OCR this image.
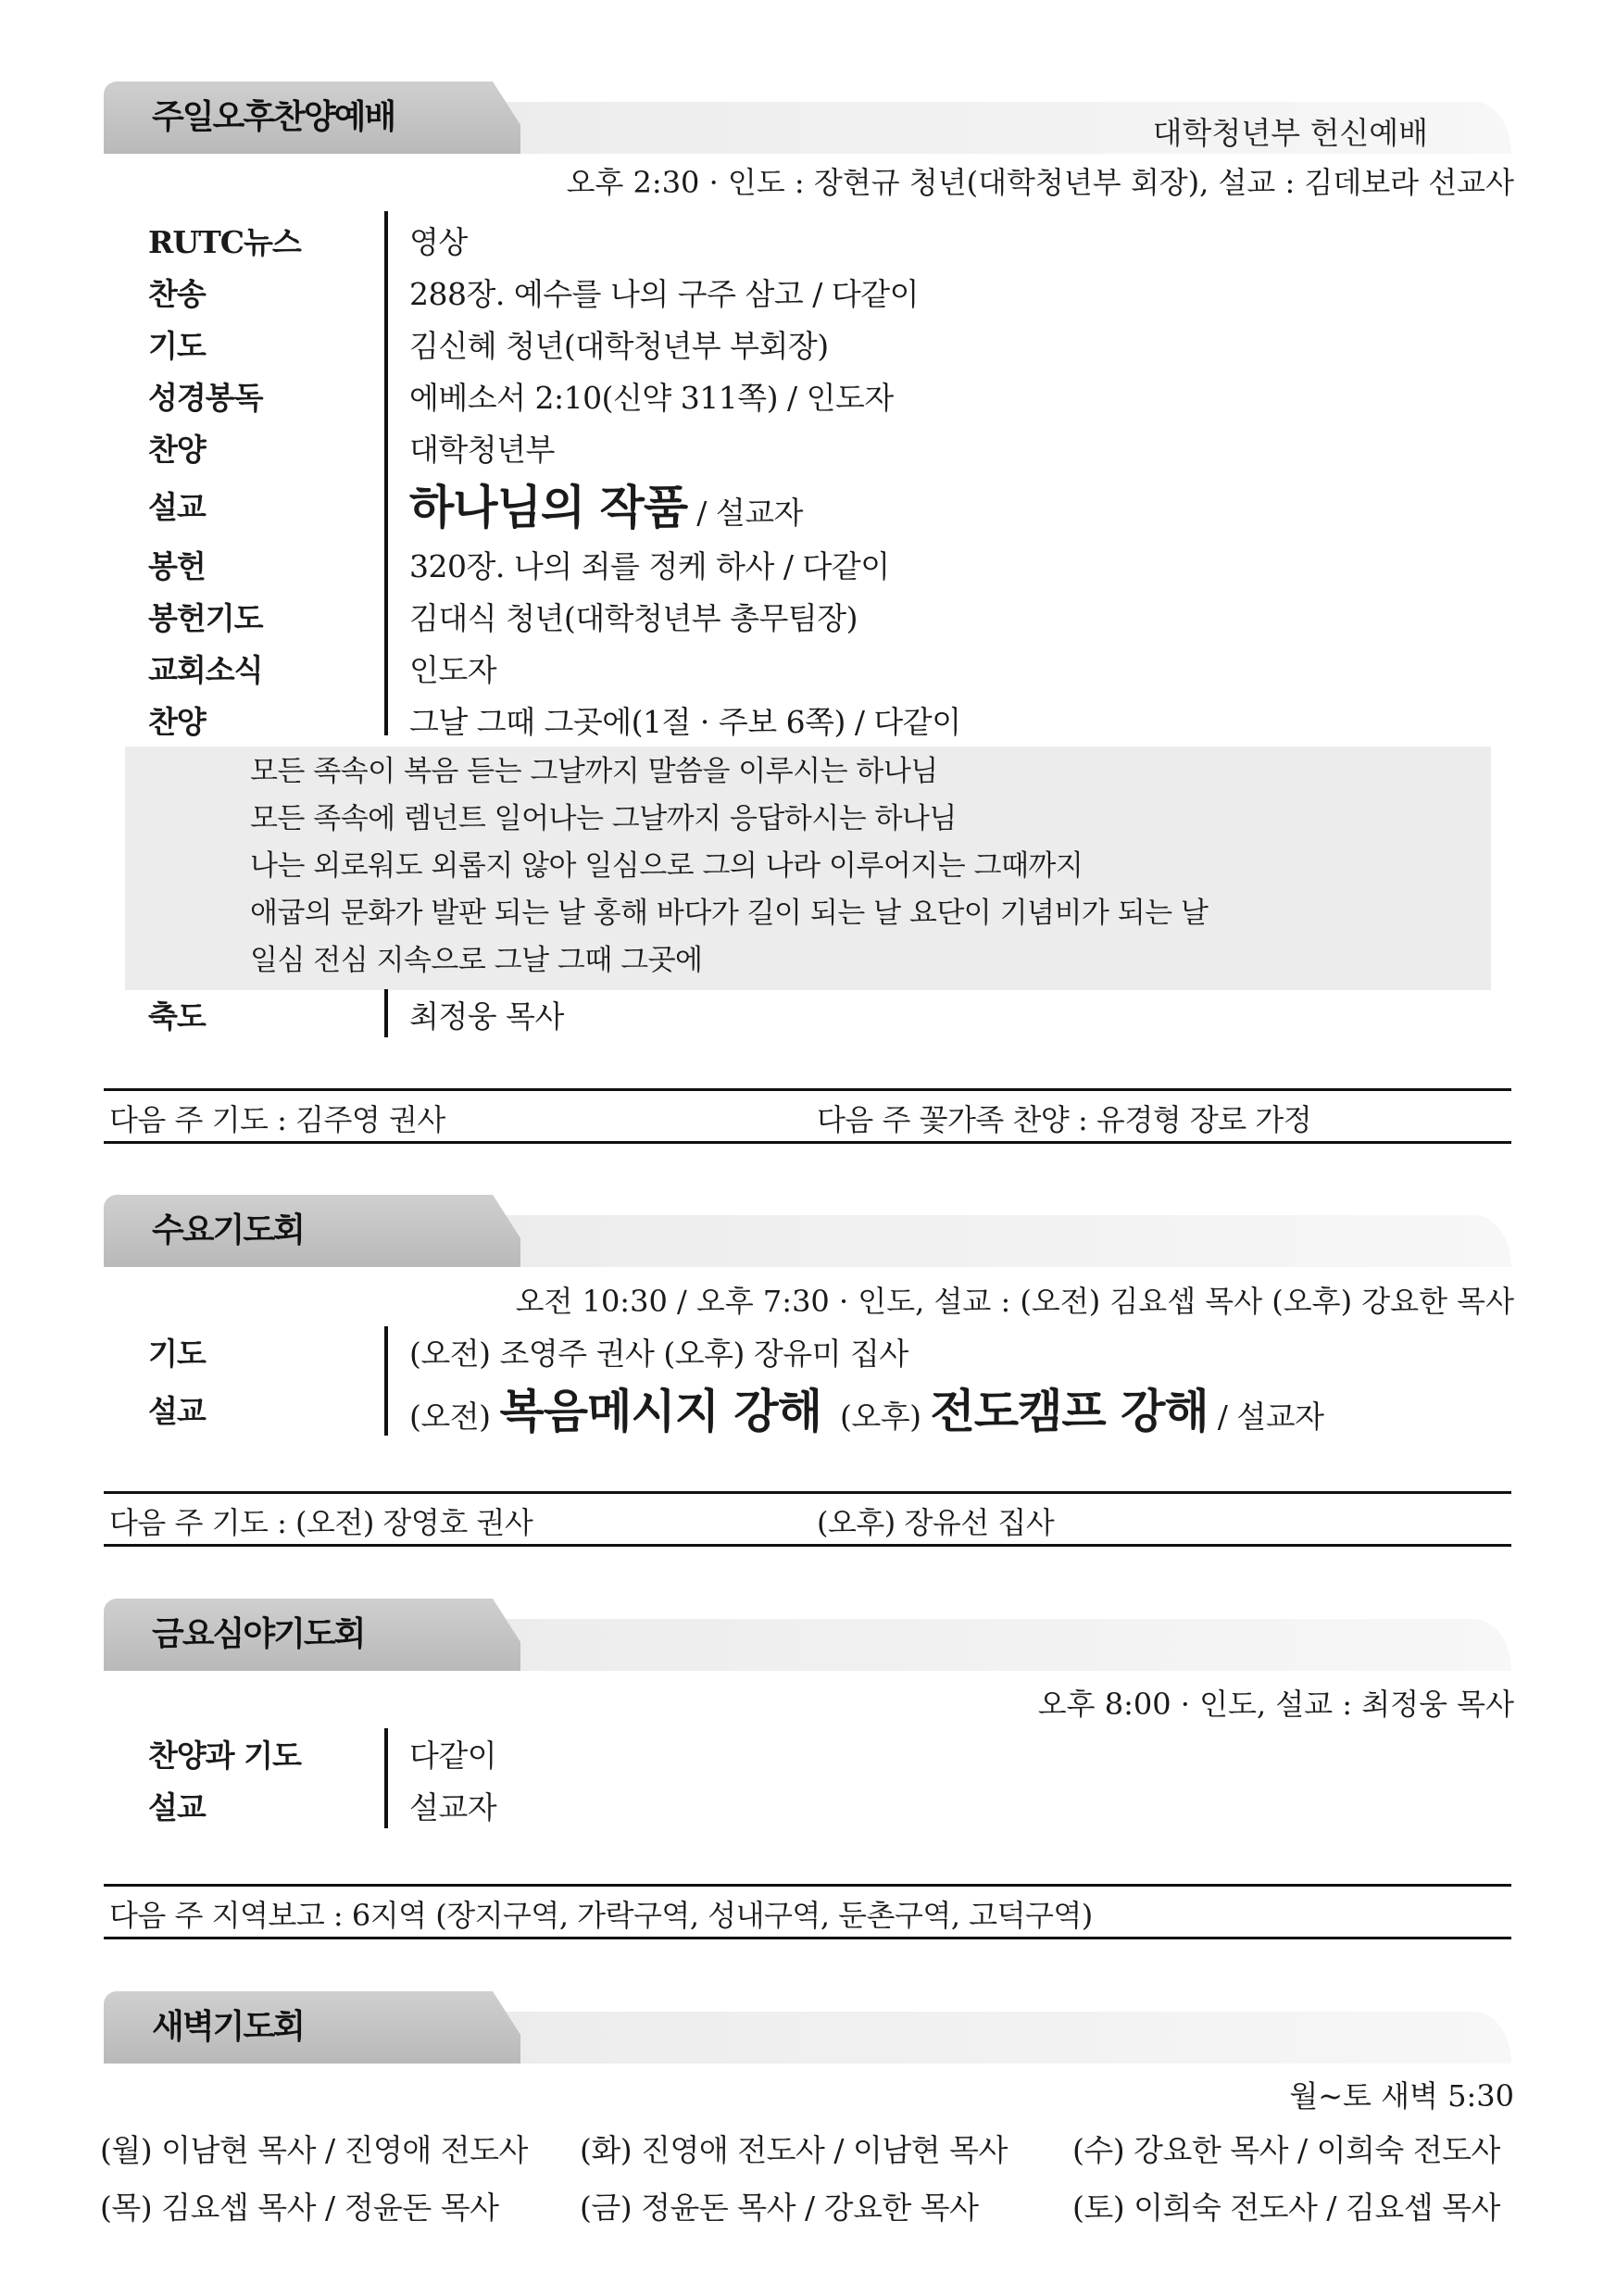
주일오후찬양예배	대학청년부 헌신예배
오후 2:30 · 인도 : 장현규 청년(대학청년부 회장), 설교 : 김데보라 선교사
RUTC뉴스	영상
찬송	288장. 예수를 나의 구주 삼고 / 다같이
기도	김신혜 청년(대학청년부 부회장)
성경봉독	에베소서 2:10(신약 311쪽) / 인도자
찬양	대학청년부
설교	하나님의 작품 / 설교자
봉헌	320장. 나의 죄를 정케 하사 / 다같이
봉헌기도	김대식 청년(대학청년부 총무팀장)
교회소식	인도자
찬양	그날 그때 그곳에(1절 · 주보 6쪽) / 다같이
모든 족속이 복음 듣는 그날까지 말씀을 이루시는 하나님
모든 족속에 렘넌트 일어나는 그날까지 응답하시는 하나님
나는 외로워도 외롭지 않아 일심으로 그의 나라 이루어지는 그때까지
애굽의 문화가 발판 되는 날 홍해 바다가 길이 되는 날 요단이 기념비가 되는 날
일심 전심 지속으로 그날 그때 그곳에
축도	최정웅 목사
다음 주 기도 : 김주영 권사	다음 주 꽃가족 찬양 : 유경형 장로 가정
수요기도회
오전 10:30 / 오후 7:30 · 인도, 설교 : (오전) 김요셉 목사 (오후) 강요한 목사
기도	(오전) 조영주 권사 (오후) 장유미 집사
설교	(오전) 복음메시지 강해  (오후) 전도캠프 강해 / 설교자
다음 주 기도 : (오전) 장영호 권사	(오후) 장유선 집사
금요심야기도회
오후 8:00 · 인도, 설교 : 최정웅 목사
찬양과 기도	다같이
설교	설교자
다음 주 지역보고 : 6지역 (장지구역, 가락구역, 성내구역, 둔촌구역, 고덕구역)
새벽기도회
월~토 새벽 5:30
(월) 이남현 목사 / 진영애 전도사 (화) 진영애 전도사 / 이남현 목사 (수) 강요한 목사 / 이희숙 전도사
(목) 김요셉 목사 / 정윤돈 목사	(금) 정윤돈 목사 / 강요한 목사	(토) 이희숙 전도사 / 김요셉 목사
